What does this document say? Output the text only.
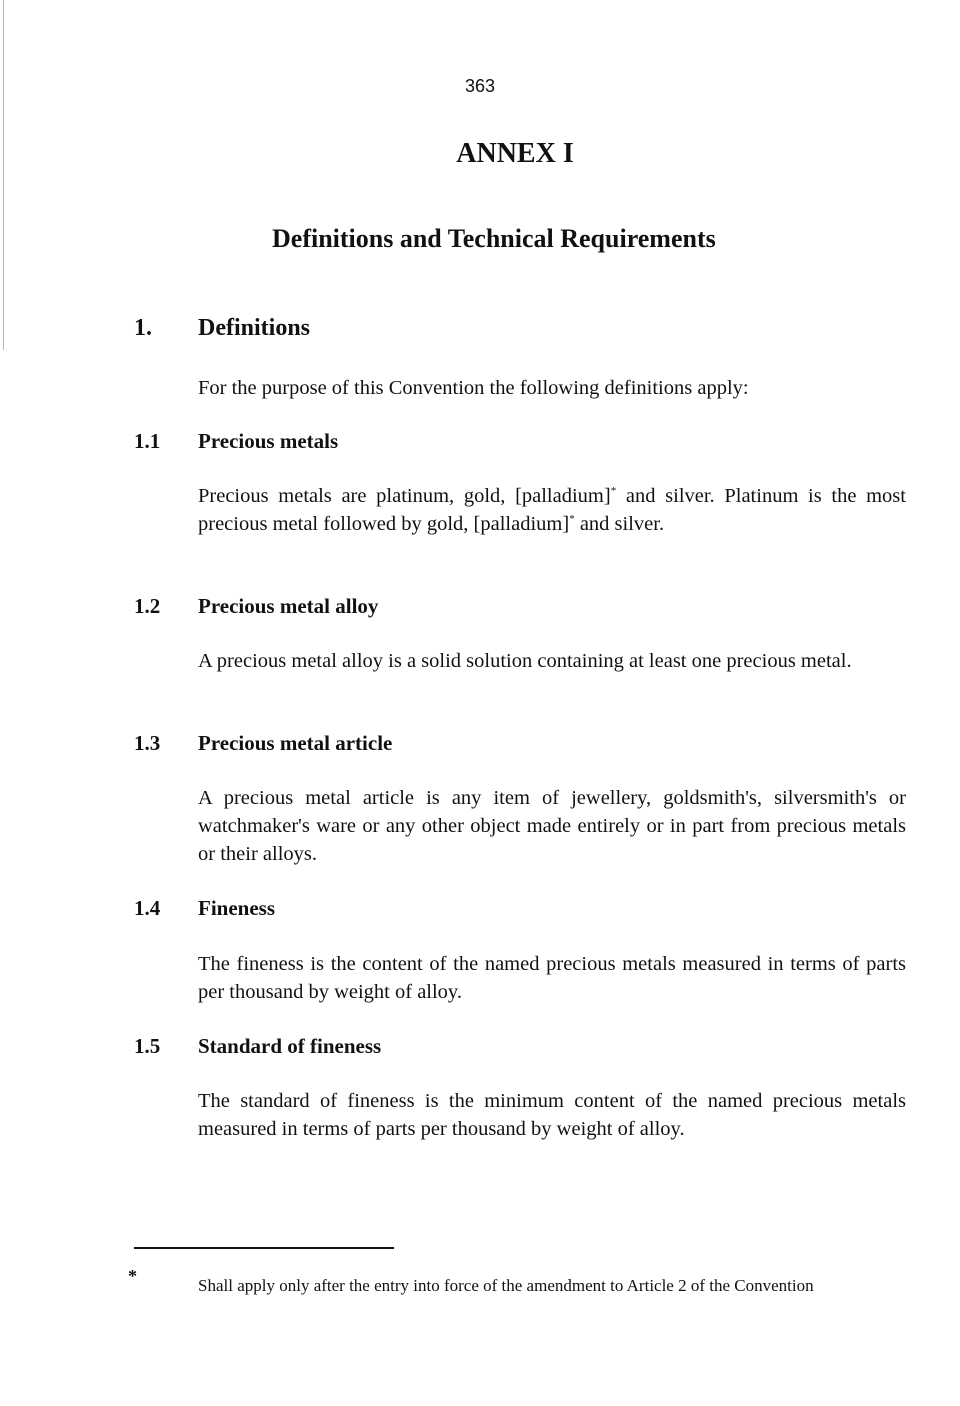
363
ANNEX I
Definitions and Technical Requirements
1. Definitions
For the purpose of this Convention the following definitions apply:
1.1 Precious metals
Precious metals are platinum, gold, [palladium]* and silver. Platinum is the most precious metal followed by gold, [palladium]* and silver.
1.2 Precious metal alloy
A precious metal alloy is a solid solution containing at least one precious metal.
1.3 Precious metal article
A precious metal article is any item of jewellery, goldsmith's, silversmith's or watchmaker's ware or any other object made entirely or in part from precious metals or their alloys.
1.4 Fineness
The fineness is the content of the named precious metals measured in terms of parts per thousand by weight of alloy.
1.5 Standard of fineness
The standard of fineness is the minimum content of the named precious metals measured in terms of parts per thousand by weight of alloy.
*	Shall apply only after the entry into force of the amendment to Article 2 of the Convention
